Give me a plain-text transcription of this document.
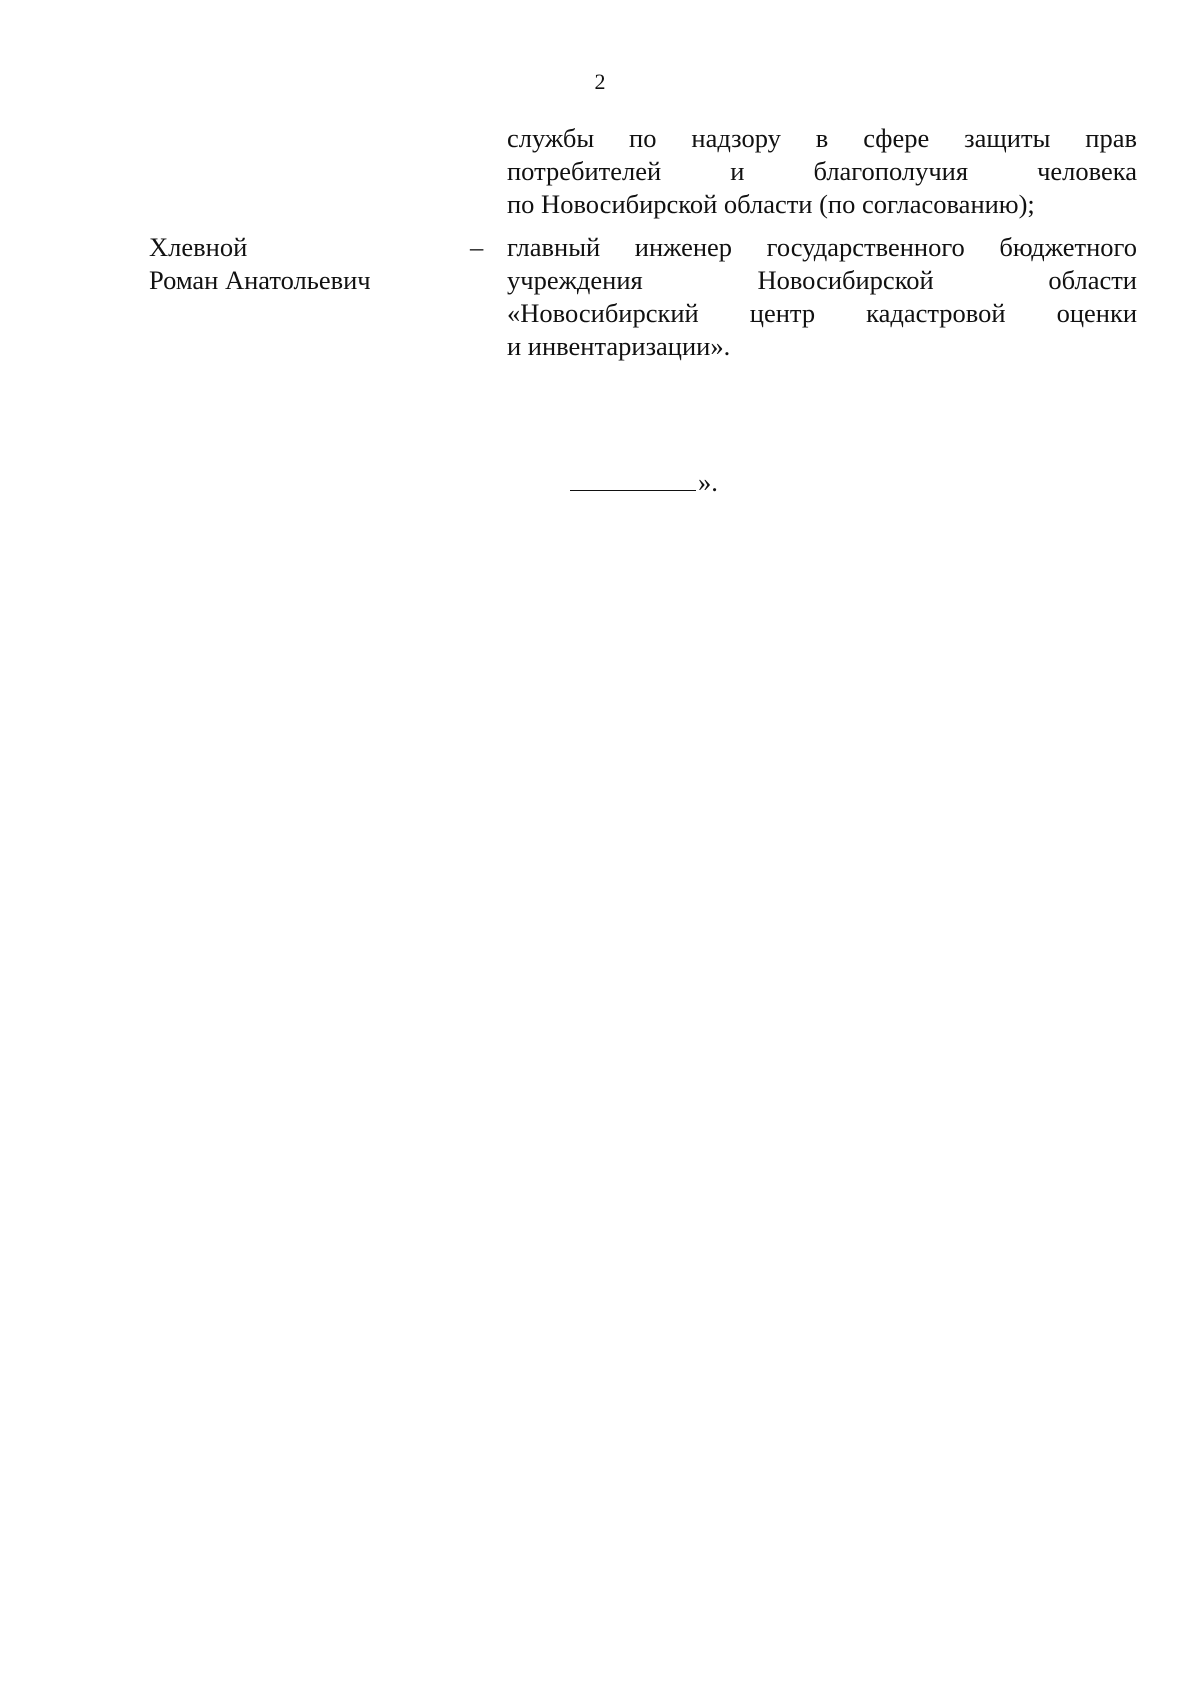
2
службы по надзору в сфере защиты прав
потребителей и благополучия человека
по Новосибирской области (по согласованию);
Хлевной
Роман Анатольевич
– главный инженер государственного бюджетного
учреждения Новосибирской области
«Новосибирский центр кадастровой оценки
и инвентаризации».
».
